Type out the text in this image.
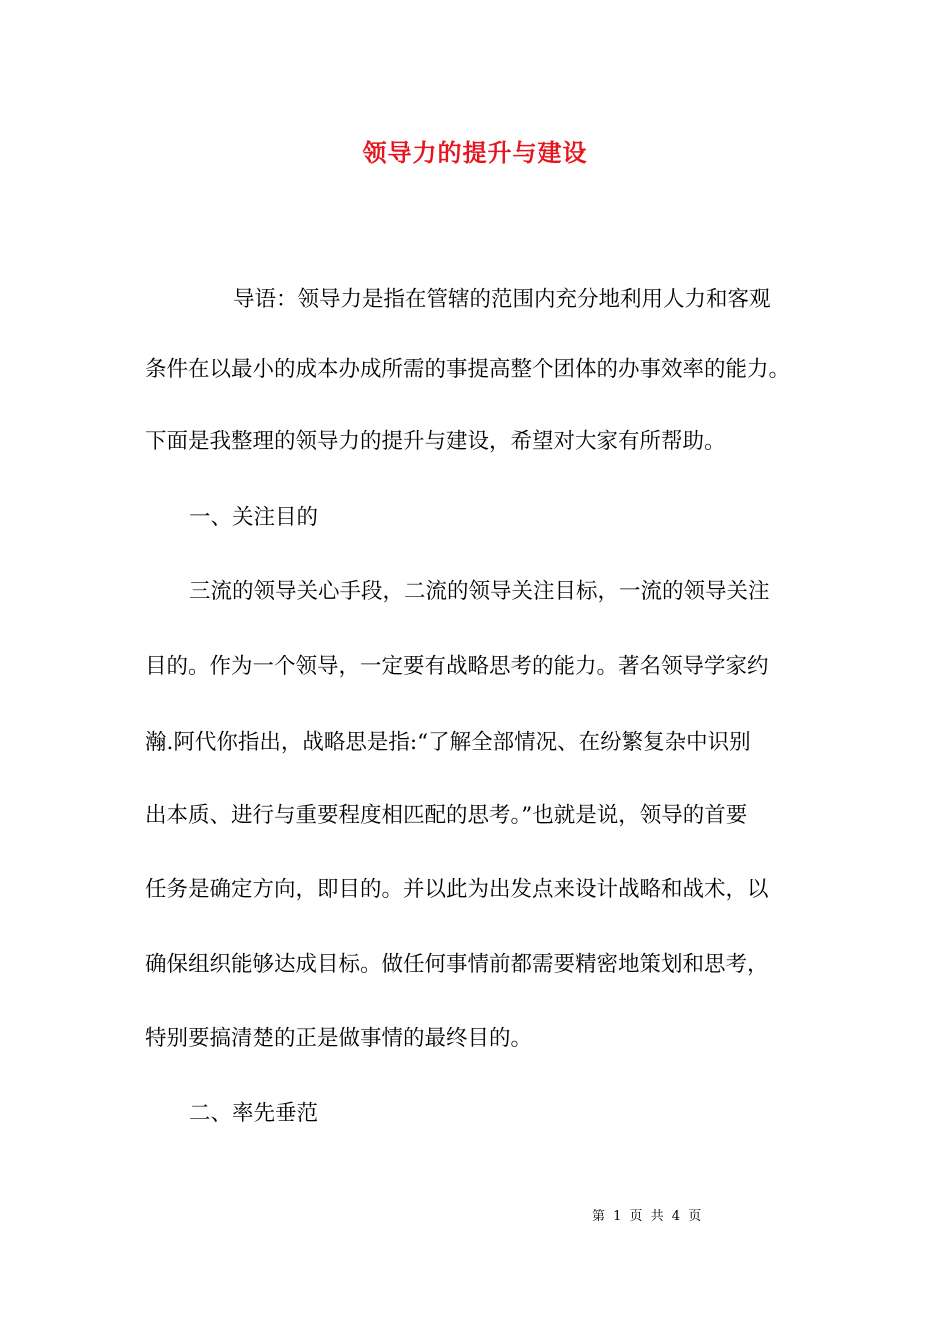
领导力的提升与建设
导语：领导力是指在管辖的范围内充分地利用人力和客观
条件在以最小的成本办成所需的事提高整个团体的办事效率的能力。
下面是我整理的领导力的提升与建设，希望对大家有所帮助。
一、关注目的
三流的领导关心手段，二流的领导关注目标，一流的领导关注
目的。作为一个领导，一定要有战略思考的能力。著名领导学家约
瀚.阿代你指出，战略思是指:“了解全部情况、在纷繁复杂中识别
出本质、进行与重要程度相匹配的思考。”也就是说，领导的首要
任务是确定方向，即目的。并以此为出发点来设计战略和战术，以
确保组织能够达成目标。做任何事情前都需要精密地策划和思考，
特别要搞清楚的正是做事情的最终目的。
二、率先垂范
第 1 页 共 4 页
